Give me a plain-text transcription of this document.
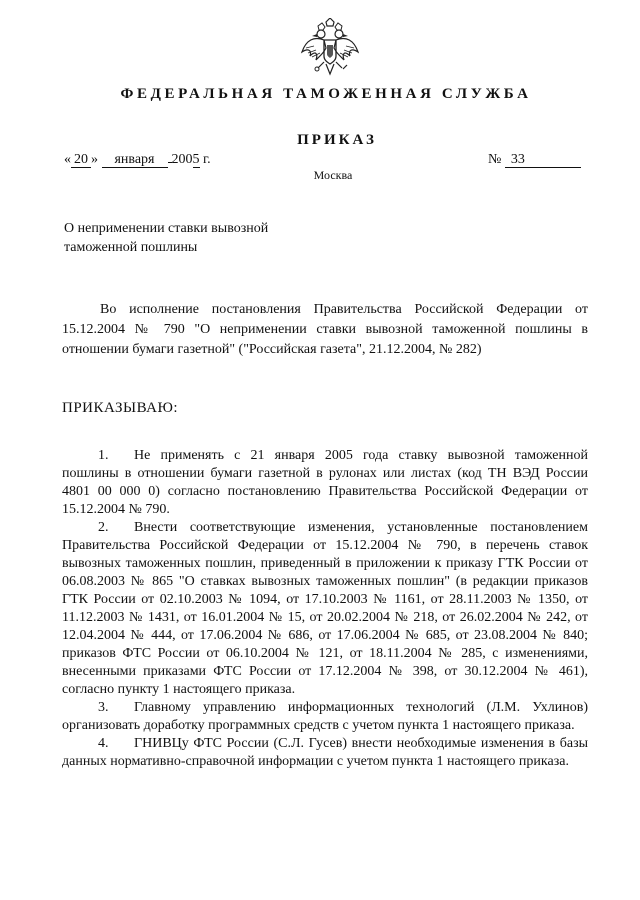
ФЕДЕРАЛЬНАЯ ТАМОЖЕННАЯ СЛУЖБА
ПРИКАЗ
« 20 » января 2005 г.	№ 33
Москва
О неприменении ставки вывозной
таможенной пошлины
Во исполнение постановления Правительства Российской Федерации от 15.12.2004 № 790 "О неприменении ставки вывозной таможенной пошлины в отношении бумаги газетной" ("Российская газета", 21.12.2004, № 282)
ПРИКАЗЫВАЮ:

1. Не применять с 21 января 2005 года ставку вывозной таможенной пошлины в отношении бумаги газетной в рулонах или листах (код ТН ВЭД России 4801 00 000 0) согласно постановлению Правительства Российской Федерации от 15.12.2004 № 790.

2. Внести соответствующие изменения, установленные постановлением Правительства Российской Федерации от 15.12.2004 № 790, в перечень ставок вывозных таможенных пошлин, приведенный в приложении к приказу ГТК России от 06.08.2003 № 865 "О ставках вывозных таможенных пошлин" (в редакции приказов ГТК России от 02.10.2003 № 1094, от 17.10.2003 № 1161, от 28.11.2003 № 1350, от 11.12.2003 № 1431, от 16.01.2004 № 15, от 20.02.2004 № 218, от 26.02.2004 № 242, от 12.04.2004 № 444, от 17.06.2004 № 686, от 17.06.2004 № 685, от 23.08.2004 № 840; приказов ФТС России от 06.10.2004 № 121, от 18.11.2004 № 285, с изменениями, внесенными приказами ФТС России от 17.12.2004 № 398, от 30.12.2004 № 461), согласно пункту 1 настоящего приказа.

3. Главному управлению информационных технологий (Л.М. Ухлинов) организовать доработку программных средств с учетом пункта 1 настоящего приказа.

4. ГНИВЦу ФТС России (С.Л. Гусев) внести необходимые изменения в базы данных нормативно-справочной информации с учетом пункта 1 настоящего приказа.
